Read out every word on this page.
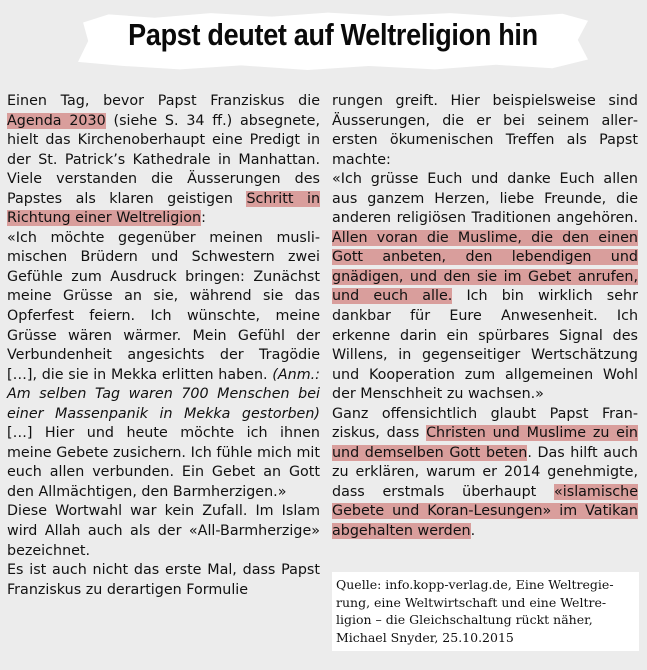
Papst deutet auf Weltreligion hin

Einen Tag, bevor Papst Franziskus die Agenda 2030 (siehe S. 34 ff.) absegnete, hielt das Kirchenoberhaupt eine Predigt in der St. Patrick’s Kathedrale in Manhattan. Viele verstanden die Äusserungen des Papstes als klaren geistigen Schritt in Richtung einer Weltreligion:

«Ich möchte gegenüber meinen muslimischen Brüdern und Schwestern zwei Gefühle zum Ausdruck bringen: Zunächst meine Grüsse an sie, während sie das Opferfest feiern. Ich wünschte, meine Grüsse wären wärmer. Mein Gefühl der Verbundenheit angesichts der Tragödie […], die sie in Mekka erlitten haben. (Anm.: Am selben Tag waren 700 Menschen bei einer Massenpanik in Mekka gestorben) […] Hier und heute möchte ich ihnen meine Gebete zusichern. Ich fühle mich mit euch allen verbunden. Ein Gebet an Gott den Allmächtigen, den Barmherzigen.»

Diese Wortwahl war kein Zufall. Im Islam wird Allah auch als der «All-Barmherzige» bezeichnet.

Es ist auch nicht das erste Mal, dass Papst Franziskus zu derartigen Formulie

rungen greift. Hier beispielsweise sind Äusserungen, die er bei seinem allerersten ökumenischen Treffen als Papst machte:

«Ich grüsse Euch und danke Euch allen aus ganzem Herzen, liebe Freunde, die anderen religiösen Traditionen angehören. Allen voran die Muslime, die den einen Gott anbeten, den lebendigen und gnädigen, und den sie im Gebet anrufen, und euch alle. Ich bin wirklich sehr dankbar für Eure Anwesenheit. Ich erkenne darin ein spürbares Signal des Willens, in gegenseitiger Wertschätzung und Kooperation zum allgemeinen Wohl der Menschheit zu wachsen.»

Ganz offensichtlich glaubt Papst Franziskus, dass Christen und Muslime zu ein und demselben Gott beten. Das hilft auch zu erklären, warum er 2014 genehmigte, dass erstmals überhaupt «islamische Gebete und Koran-Lesungen» im Vatikan abgehalten werden.

Quelle: info.kopp-verlag.de, Eine Weltregierung, eine Weltwirtschaft und eine Weltreligion – die Gleichschaltung rückt näher, Michael Snyder, 25.10.2015
